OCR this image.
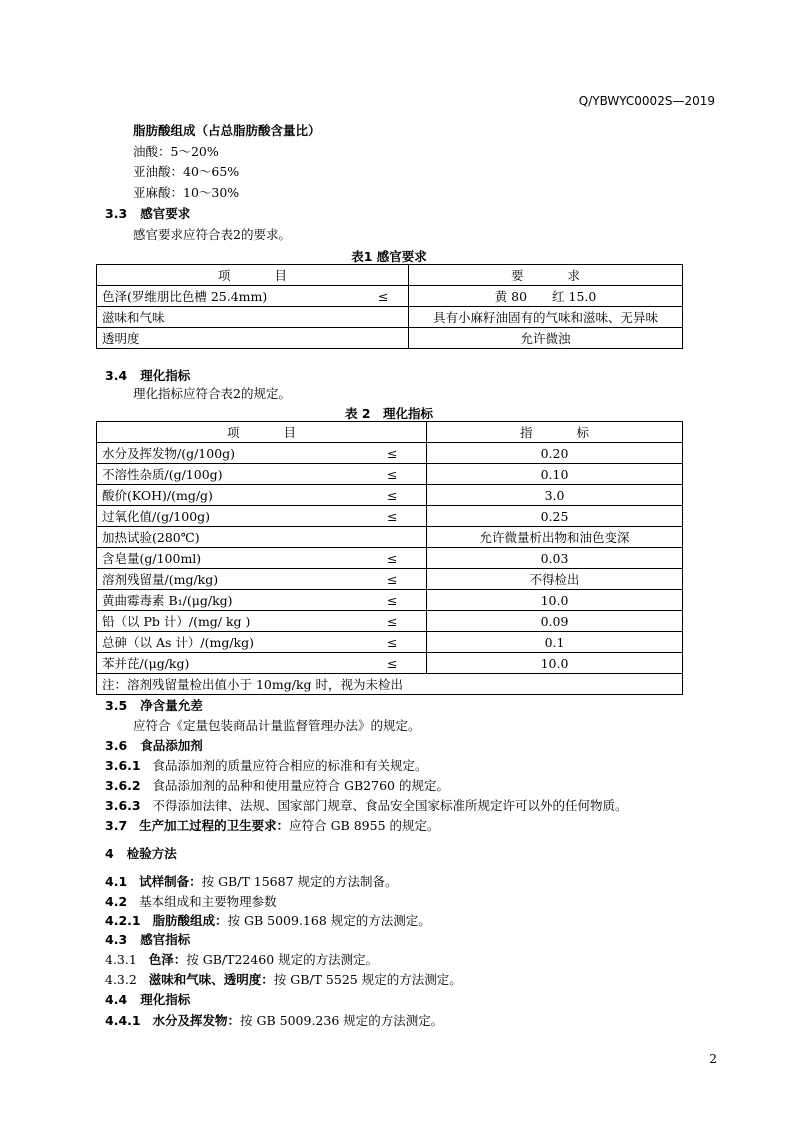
Q/YBWYC0002S—2019
脂肪酸组成（占总脂肪酸含量比）
油酸：5～20%
亚油酸：40～65%
亚麻酸：10～30%
3.3 感官要求
感官要求应符合表2的要求。
表1 感官要求
项 目		要 求
色泽(罗维朋比色槽 25.4mm)	≤	黄 80　　红 15.0
滋味和气味		具有小麻籽油固有的气味和滋味、无异味
透明度		允许微浊
3.4 理化指标
理化指标应符合表2的规定。
表 2　理化指标
项 目		指 标
水分及挥发物/(g/100g)	≤	0.20
不溶性杂质/(g/100g)	≤	0.10
酸价(KOH)/(mg/g)	≤	3.0
过氧化值/(g/100g)	≤	0.25
加热试验(280℃)		允许微量析出物和油色变深
含皂量(g/100ml)	≤	0.03
溶剂残留量/(mg/kg)	≤	不得检出
黄曲霉毒素 B₁/(μg/kg)	≤	10.0
铅（以 Pb 计）/(mg/ kg )	≤	0.09
总砷（以 As 计）/(mg/kg)	≤	0.1
苯并芘/(μg/kg)	≤	10.0
注：溶剂残留量检出值小于 10mg/kg 时，视为未检出		
3.5 净含量允差
应符合《定量包装商品计量监督管理办法》的规定。
3.6 食品添加剂
3.6.1 食品添加剂的质量应符合相应的标准和有关规定。
3.6.2 食品添加剂的品种和使用量应符合 GB2760 的规定。
3.6.3 不得添加法律、法规、国家部门规章、食品安全国家标准所规定许可以外的任何物质。
3.7 生产加工过程的卫生要求：应符合 GB 8955 的规定。
4 检验方法
4.1 试样制备：按 GB/T 15687 规定的方法制备。
4.2 基本组成和主要物理参数
4.2.1 脂肪酸组成：按 GB 5009.168 规定的方法测定。
4.3 感官指标
4.3.1 色泽：按 GB/T22460 规定的方法测定。
4.3.2 滋味和气味、透明度：按 GB/T 5525 规定的方法测定。
4.4 理化指标
4.4.1 水分及挥发物：按 GB 5009.236 规定的方法测定。
2
